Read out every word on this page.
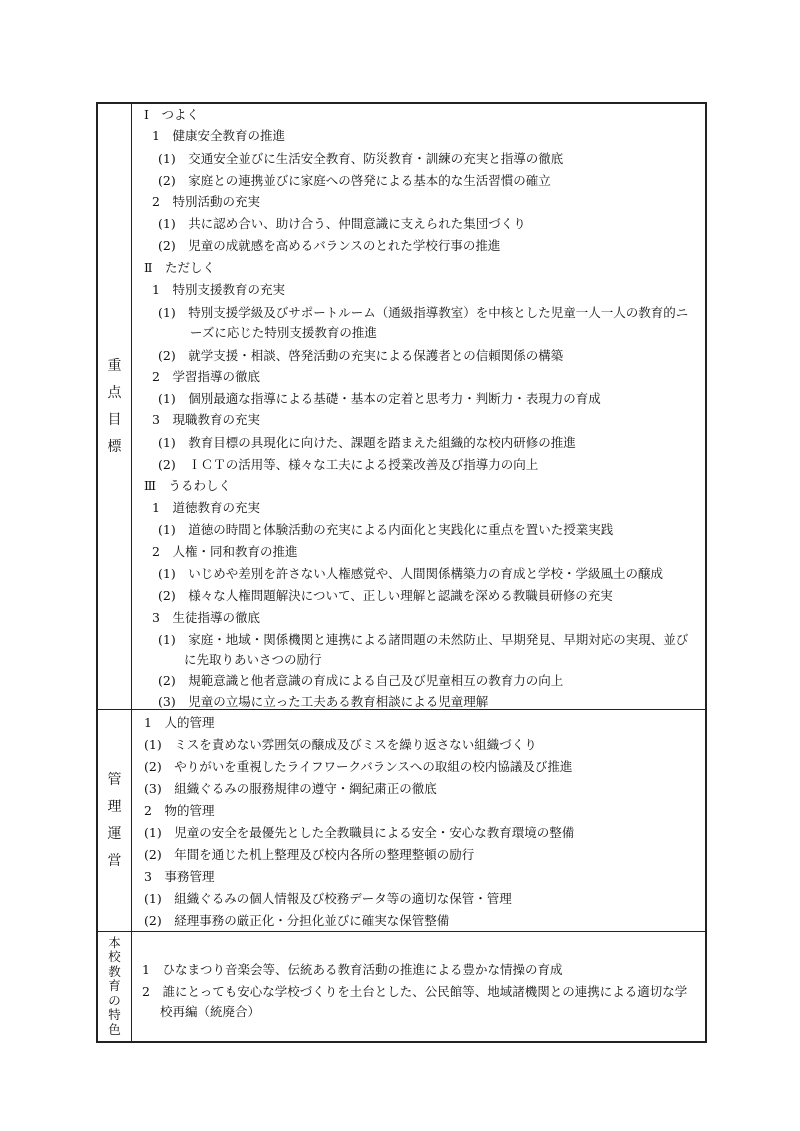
重
点
目
標
Ⅰ　つよく
1　健康安全教育の推進
(1)　交通安全並びに生活安全教育、防災教育・訓練の充実と指導の徹底
(2)　家庭との連携並びに家庭への啓発による基本的な生活習慣の確立
2　特別活動の充実
(1)　共に認め合い、助け合う、仲間意識に支えられた集団づくり
(2)　児童の成就感を高めるバランスのとれた学校行事の推進
Ⅱ　ただしく
1　特別支援教育の充実
(1)　特別支援学級及びサポートルーム（通級指導教室）を中核とした児童一人一人の教育的ニ
ーズに応じた特別支援教育の推進
(2)　就学支援・相談、啓発活動の充実による保護者との信頼関係の構築
2　学習指導の徹底
(1)　個別最適な指導による基礎・基本の定着と思考力・判断力・表現力の育成
3　現職教育の充実
(1)　教育目標の具現化に向けた、課題を踏まえた組織的な校内研修の推進
(2)　ＩＣＴの活用等、様々な工夫による授業改善及び指導力の向上
Ⅲ　うるわしく
1　道徳教育の充実
(1)　道徳の時間と体験活動の充実による内面化と実践化に重点を置いた授業実践
2　人権・同和教育の推進
(1)　いじめや差別を許さない人権感覚や、人間関係構築力の育成と学校・学級風土の醸成
(2)　様々な人権問題解決について、正しい理解と認識を深める教職員研修の充実
3　生徒指導の徹底
(1)　家庭・地域・関係機関と連携による諸問題の未然防止、早期発見、早期対応の実現、並び
に先取りあいさつの励行
(2)　規範意識と他者意識の育成による自己及び児童相互の教育力の向上
(3)　児童の立場に立った工夫ある教育相談による児童理解
管
理
運
営
1　人的管理
(1)　ミスを責めない雰囲気の醸成及びミスを繰り返さない組織づくり
(2)　やりがいを重視したライフワークバランスへの取組の校内協議及び推進
(3)　組織ぐるみの服務規律の遵守・綱紀粛正の徹底
2　物的管理
(1)　児童の安全を最優先とした全教職員による安全・安心な教育環境の整備
(2)　年間を通じた机上整理及び校内各所の整理整頓の励行
3　事務管理
(1)　組織ぐるみの個人情報及び校務データ等の適切な保管・管理
(2)　経理事務の厳正化・分担化並びに確実な保管整備
本
校
教
育
の
特
色
1　ひなまつり音楽会等、伝統ある教育活動の推進による豊かな情操の育成
2　誰にとっても安心な学校づくりを土台とした、公民館等、地域諸機関との連携による適切な学
校再編（統廃合）
